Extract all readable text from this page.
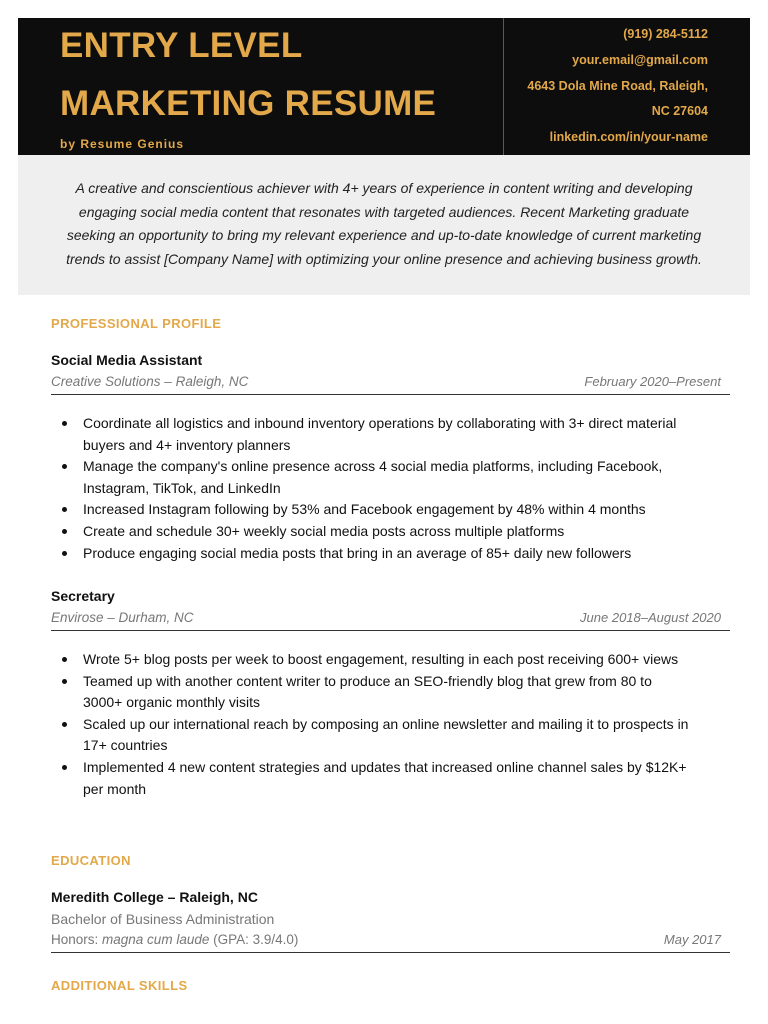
ENTRY LEVEL
MARKETING RESUME
by Resume Genius
(919) 284-5112
your.email@gmail.com
4643 Dola Mine Road, Raleigh,
NC 27604
linkedin.com/in/your-name

A creative and conscientious achiever with 4+ years of experience in content writing and developing engaging social media content that resonates with targeted audiences. Recent Marketing graduate seeking an opportunity to bring my relevant experience and up-to-date knowledge of current marketing trends to assist [Company Name] with optimizing your online presence and achieving business growth.

PROFESSIONAL PROFILE
Social Media Assistant
Creative Solutions – Raleigh, NC	February 2020–Present
Coordinate all logistics and inbound inventory operations by collaborating with 3+ direct material buyers and 4+ inventory planners
Manage the company's online presence across 4 social media platforms, including Facebook, Instagram, TikTok, and LinkedIn
Increased Instagram following by 53% and Facebook engagement by 48% within 4 months
Create and schedule 30+ weekly social media posts across multiple platforms
Produce engaging social media posts that bring in an average of 85+ daily new followers
Secretary
Envirose – Durham, NC	June 2018–August 2020
Wrote 5+ blog posts per week to boost engagement, resulting in each post receiving 600+ views
Teamed up with another content writer to produce an SEO-friendly blog that grew from 80 to 3000+ organic monthly visits
Scaled up our international reach by composing an online newsletter and mailing it to prospects in 17+ countries
Implemented 4 new content strategies and updates that increased online channel sales by $12K+ per month
EDUCATION
Meredith College – Raleigh, NC
Bachelor of Business Administration
Honors: magna cum laude (GPA: 3.9/4.0)	May 2017
ADDITIONAL SKILLS
